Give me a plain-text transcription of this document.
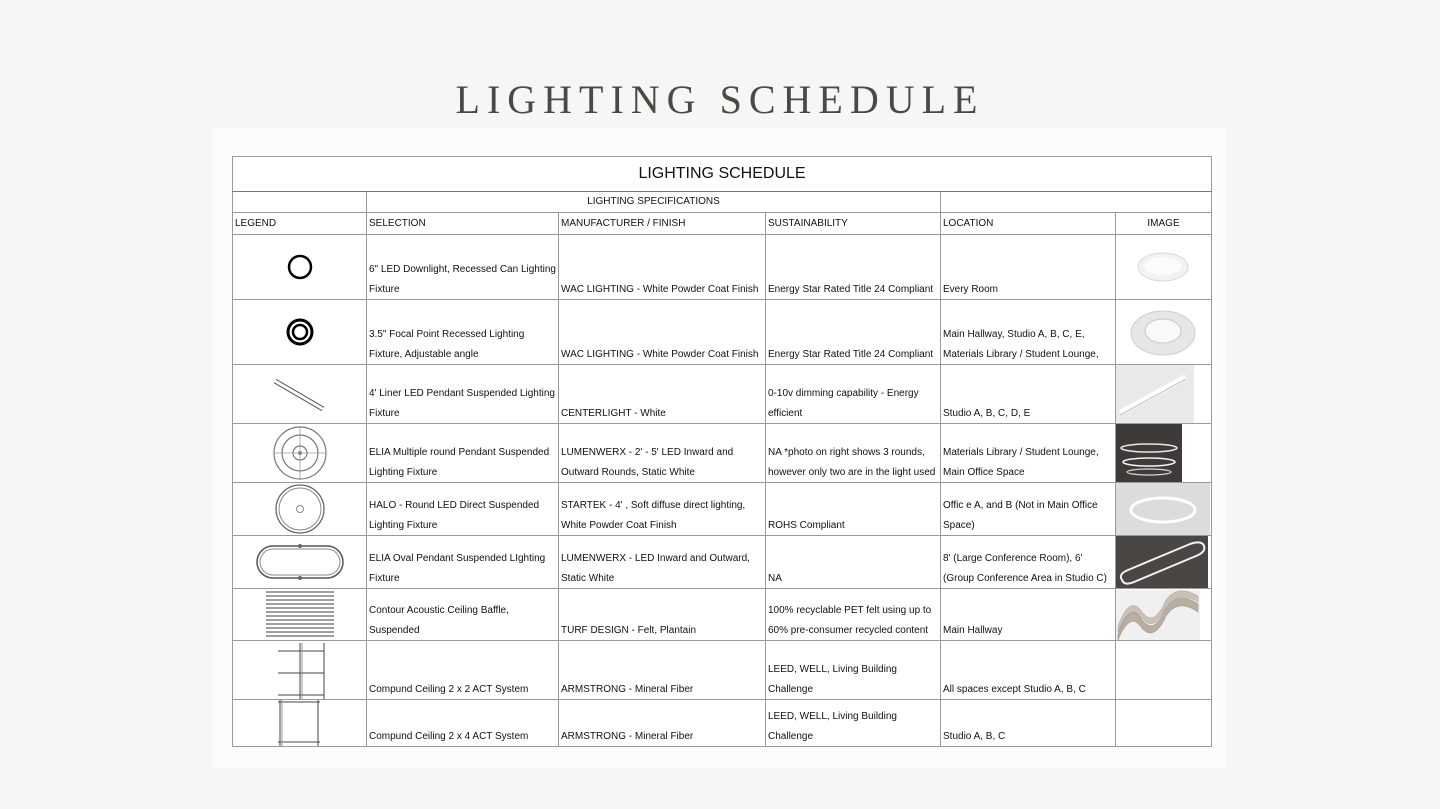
LIGHTING SCHEDULE
LIGHTING SCHEDULE					
	LIGHTING SPECIFICATIONS				
LEGEND	SELECTION	MANUFACTURER / FINISH	SUSTAINABILITY	LOCATION	IMAGE

	6" LED Downlight, Recessed Can Lighting Fixture	WAC LIGHTING - White Powder Coat Finish	Energy Star Rated Title 24 Compliant	Every Room	

	3.5" Focal Point Recessed Lighting Fixture, Adjustable angle	WAC LIGHTING - White Powder Coat Finish	Energy Star Rated Title 24 Compliant	Main Hallway, Studio A, B, C, E, Materials Library / Student Lounge,	

	4' Liner LED Pendant Suspended Lighting Fixture	CENTERLIGHT - White	0-10v dimming capability - Energy efficient	Studio A, B, C, D, E	

	ELIA Multiple round Pendant Suspended Lighting Fixture	LUMENWERX - 2' - 5' LED Inward and Outward Rounds, Static White	NA *photo on right shows 3 rounds, however only two are in the light used	Materials Library / Student Lounge, Main Office Space	

	HALO - Round LED Direct Suspended Lighting Fixture	STARTEK - 4' , Soft diffuse direct lighting, White Powder Coat Finish	ROHS Compliant	Offic e A, and B (Not in Main Office Space)	

	ELIA Oval Pendant Suspended LIghting Fixture	LUMENWERX - LED Inward and Outward, Static White	NA	8' (Large Conference Room), 6' (Group Conference Area in Studio C)	

	Contour Acoustic Ceiling Baffle, Suspended	TURF DESIGN - Felt, Plantain	100% recyclable PET felt using up to 60% pre-consumer recycled content	Main Hallway	

	Compund Ceiling 2 x 2 ACT System	ARMSTRONG - Mineral Fiber	LEED, WELL, Living Building Challenge	All spaces except Studio A, B, C	

	Compund Ceiling 2 x 4 ACT System	ARMSTRONG - Mineral Fiber	LEED, WELL, Living Building Challenge	Studio A, B, C	
